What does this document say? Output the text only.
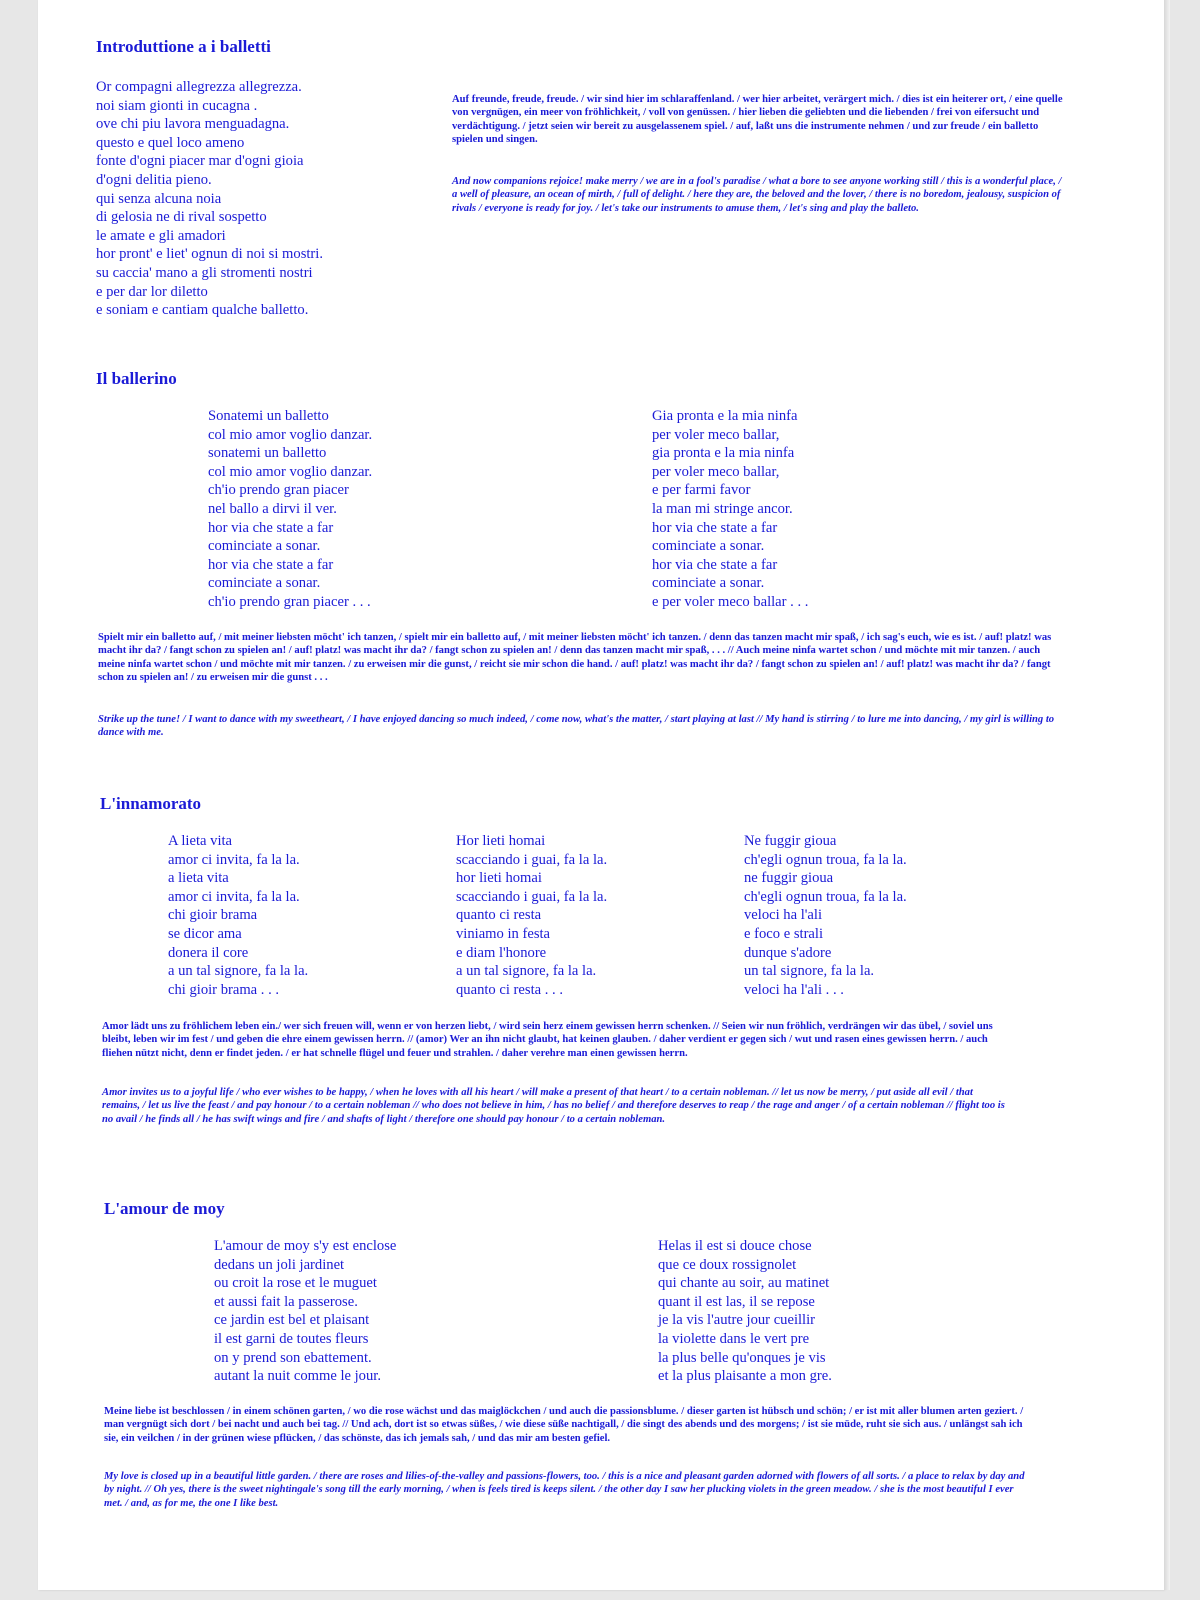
Introduttione a i balletti
Or compagni allegrezza allegrezza.
noi siam gionti in cucagna .
ove chi piu lavora menguadagna.
questo e quel loco ameno
fonte d'ogni piacer mar d'ogni gioia
d'ogni delitia pieno.
qui senza alcuna noia
di gelosia ne di rival sospetto
le amate e gli amadori
hor pront' e liet' ognun di noi si mostri.
su caccia' mano a gli stromenti nostri
e per dar lor diletto
e soniam e cantiam qualche balletto.

Auf freunde, freude, freude. / wir sind hier im schlaraffenland. / wer hier arbeitet, verärgert mich. / dies ist ein heiterer ort, / eine quelle von vergnügen, ein meer von fröhlichkeit, / voll von genüssen. / hier lieben die geliebten und die liebenden / frei von eifersucht und verdächtigung. / jetzt seien wir bereit zu ausgelassenem spiel. / auf, laßt uns die instrumente nehmen / und zur freude / ein balletto spielen und singen.

And now companions rejoice! make merry / we are in a fool's paradise / what a bore to see anyone working still / this is a wonderful place, / a well of pleasure, an ocean of mirth, / full of delight. / here they are, the beloved and the lover, / there is no boredom, jealousy, suspicion of rivals / everyone is ready for joy. / let's take our instruments to amuse them, / let's sing and play the balleto.

Il ballerino
Sonatemi un balletto
col mio amor voglio danzar.
sonatemi un balletto
col mio amor voglio danzar.
ch'io prendo gran piacer
nel ballo a dirvi il ver.
hor via che state a far
cominciate a sonar.
hor via che state a far
cominciate a sonar.
ch'io prendo gran piacer . . .
Gia pronta e la mia ninfa
per voler meco ballar,
gia pronta e la mia ninfa
per voler meco ballar,
e per farmi favor
la man mi stringe ancor.
hor via che state a far
cominciate a sonar.
hor via che state a far
cominciate a sonar.
e per voler meco ballar . . .

Spielt mir ein balletto auf, / mit meiner liebsten möcht' ich tanzen, / spielt mir ein balletto auf, / mit meiner liebsten möcht' ich tanzen. / denn das tanzen macht mir spaß, / ich sag's euch, wie es ist. / auf! platz! was macht ihr da? / fangt schon zu spielen an! / auf! platz! was macht ihr da? / fangt schon zu spielen an! / denn das tanzen macht mir spaß, . . . // Auch meine ninfa wartet schon / und möchte mit mir tanzen. / auch meine ninfa wartet schon / und möchte mit mir tanzen. / zu erweisen mir die gunst, / reicht sie mir schon die hand. / auf! platz! was macht ihr da? / fangt schon zu spielen an! / auf! platz! was macht ihr da? / fangt schon zu spielen an! / zu erweisen mir die gunst . . .

Strike up the tune! / I want to dance with my sweetheart, / I have enjoyed dancing so much indeed, / come now, what's the matter, / start playing at last // My hand is stirring / to lure me into dancing, / my girl is willing to dance with me.

L'innamorato
A lieta vita
amor ci invita, fa la la.
a lieta vita
amor ci invita, fa la la.
chi gioir brama
se dicor ama
donera il core
a un tal signore, fa la la.
chi gioir brama . . .
Hor lieti homai
scacciando i guai, fa la la.
hor lieti homai
scacciando i guai, fa la la.
quanto ci resta
viniamo in festa
e diam l'honore
a un tal signore, fa la la.
quanto ci resta . . .
Ne fuggir gioua
ch'egli ognun troua, fa la la.
ne fuggir gioua
ch'egli ognun troua, fa la la.
veloci ha l'ali
e foco e strali
dunque s'adore
un tal signore, fa la la.
veloci ha l'ali . . .

Amor lädt uns zu fröhlichem leben ein./ wer sich freuen will, wenn er von herzen liebt, / wird sein herz einem gewissen herrn schenken. // Seien wir nun fröhlich, verdrängen wir das übel, / soviel uns bleibt, leben wir im fest / und geben die ehre einem gewissen herrn. // (amor) Wer an ihn nicht glaubt, hat keinen glauben. / daher verdient er gegen sich / wut und rasen eines gewissen herrn. / auch fliehen nützt nicht, denn er findet jeden. / er hat schnelle flügel und feuer und strahlen. / daher verehre man einen gewissen herrn.

Amor invites us to a joyful life / who ever wishes to be happy, / when he loves with all his heart / will make a present of that heart / to a certain nobleman. // let us now be merry, / put aside all evil / that remains, / let us live the feast / and pay honour / to a certain nobleman // who does not believe in him, / has no belief / and therefore deserves to reap / the rage and anger / of a certain nobleman // flight too is no avail / he finds all / he has swift wings and fire / and shafts of light / therefore one should pay honour / to a certain nobleman.

L'amour de moy
L'amour de moy s'y est enclose
dedans un joli jardinet
ou croit la rose et le muguet
et aussi fait la passerose.
ce jardin est bel et plaisant
il est garni de toutes fleurs
on y prend son ebattement.
autant la nuit comme le jour.
Helas il est si douce chose
que ce doux rossignolet
qui chante au soir, au matinet
quant il est las, il se repose
je la vis l'autre jour cueillir
la violette dans le vert pre
la plus belle qu'onques je vis
et la plus plaisante a mon gre.

Meine liebe ist beschlossen / in einem schönen garten, / wo die rose wächst und das maiglöckchen / und auch die passionsblume. / dieser garten ist hübsch und schön; / er ist mit aller blumen arten geziert. / man vergnügt sich dort / bei nacht und auch bei tag. // Und ach, dort ist so etwas süßes, / wie diese süße nachtigall, / die singt des abends und des morgens; / ist sie müde, ruht sie sich aus. / unlängst sah ich sie, ein veilchen / in der grünen wiese pflücken, / das schönste, das ich jemals sah, / und das mir am besten gefiel.

My love is closed up in a beautiful little garden. / there are roses and lilies-of-the-valley and passions-flowers, too. / this is a nice and pleasant garden adorned with flowers of all sorts. / a place to relax by day and by night. // Oh yes, there is the sweet nightingale's song till the early morning, / when is feels tired is keeps silent. / the other day I saw her plucking violets in the green meadow. / she is the most beautiful I ever met. / and, as for me, the one I like best.
